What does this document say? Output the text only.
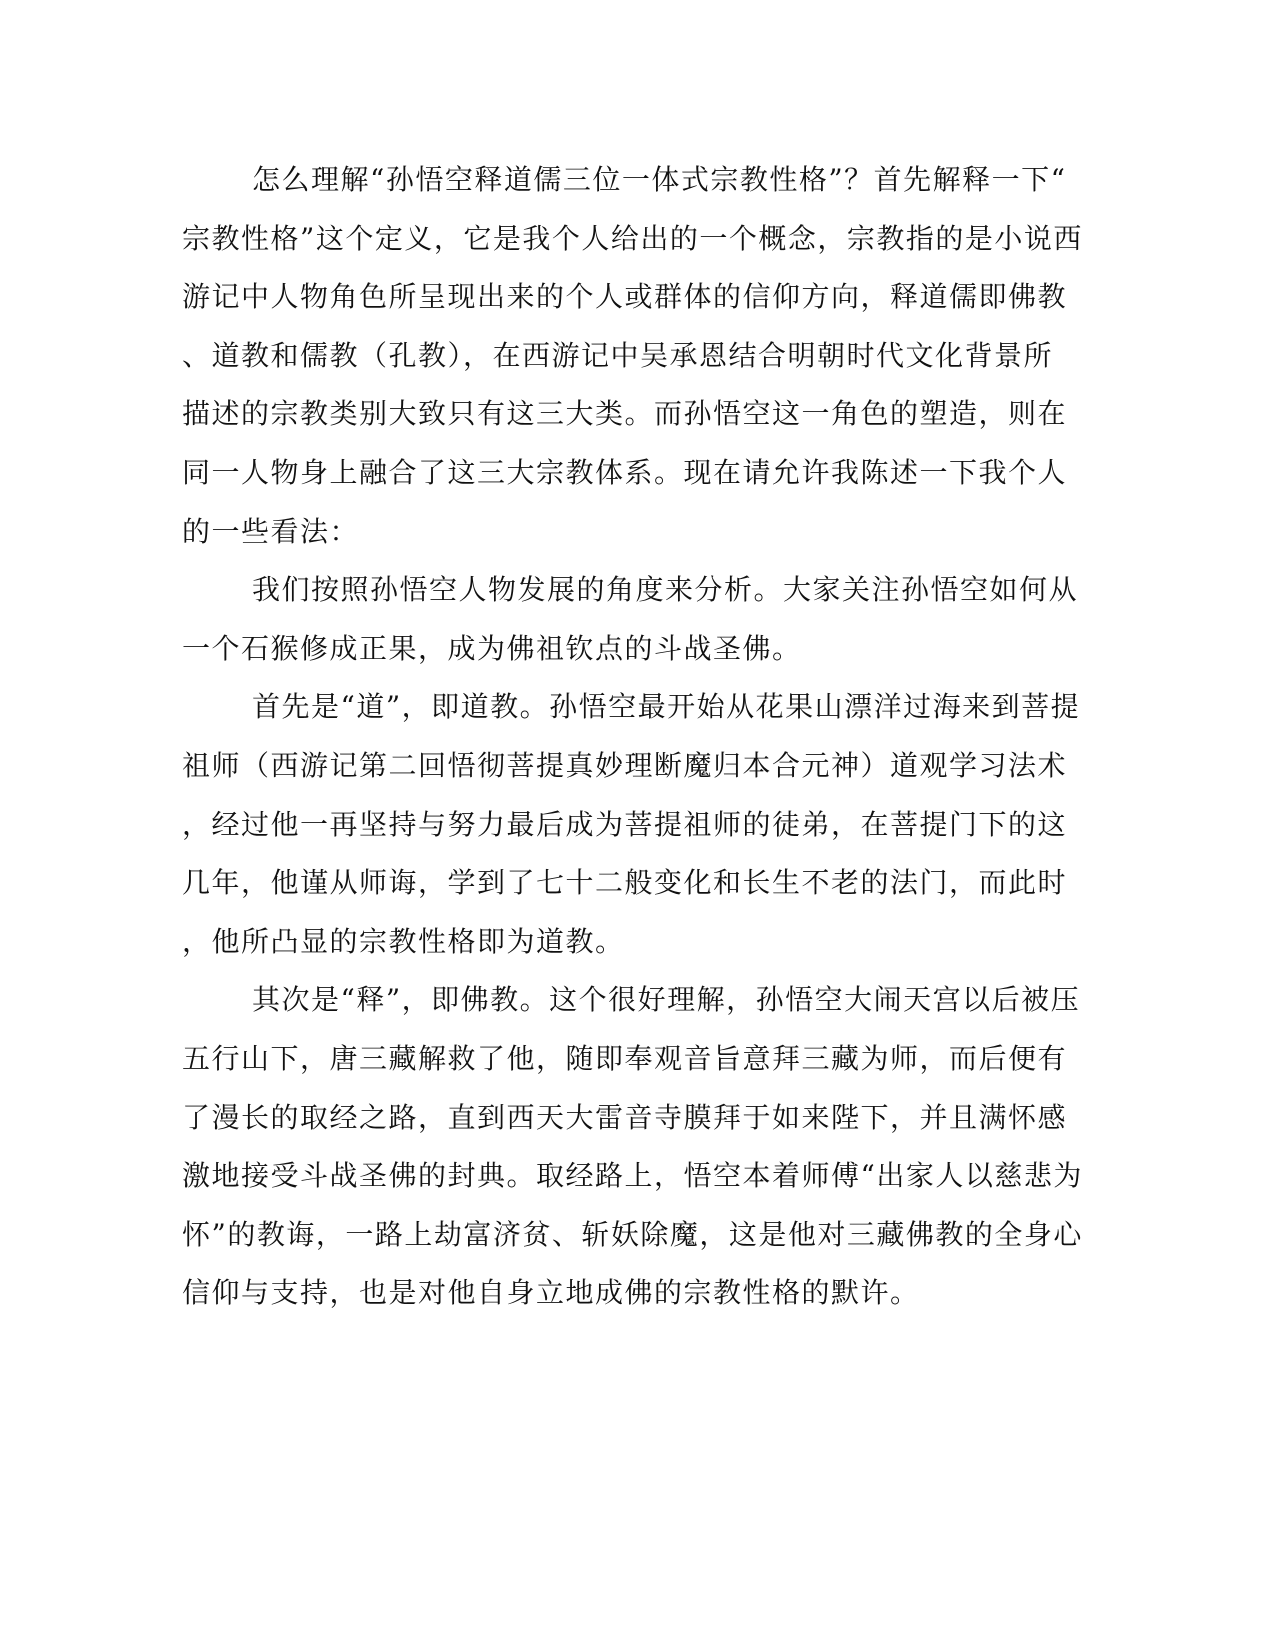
怎么理解“孙悟空释道儒三位一体式宗教性格”？首先解释一下“
宗教性格”这个定义，它是我个人给出的一个概念，宗教指的是小说西
游记中人物角色所呈现出来的个人或群体的信仰方向，释道儒即佛教
、道教和儒教（孔教），在西游记中吴承恩结合明朝时代文化背景所
描述的宗教类别大致只有这三大类。而孙悟空这一角色的塑造，则在
同一人物身上融合了这三大宗教体系。现在请允许我陈述一下我个人
的一些看法：
我们按照孙悟空人物发展的角度来分析。大家关注孙悟空如何从
一个石猴修成正果，成为佛祖钦点的斗战圣佛。
首先是“道”，即道教。孙悟空最开始从花果山漂洋过海来到菩提
祖师（西游记第二回悟彻菩提真妙理断魔归本合元神）道观学习法术
，经过他一再坚持与努力最后成为菩提祖师的徒弟，在菩提门下的这
几年，他谨从师诲，学到了七十二般变化和长生不老的法门，而此时
，他所凸显的宗教性格即为道教。
其次是“释”，即佛教。这个很好理解，孙悟空大闹天宫以后被压
五行山下，唐三藏解救了他，随即奉观音旨意拜三藏为师，而后便有
了漫长的取经之路，直到西天大雷音寺膜拜于如来陛下，并且满怀感
激地接受斗战圣佛的封典。取经路上，悟空本着师傅“出家人以慈悲为
怀”的教诲，一路上劫富济贫、斩妖除魔，这是他对三藏佛教的全身心
信仰与支持，也是对他自身立地成佛的宗教性格的默许。
